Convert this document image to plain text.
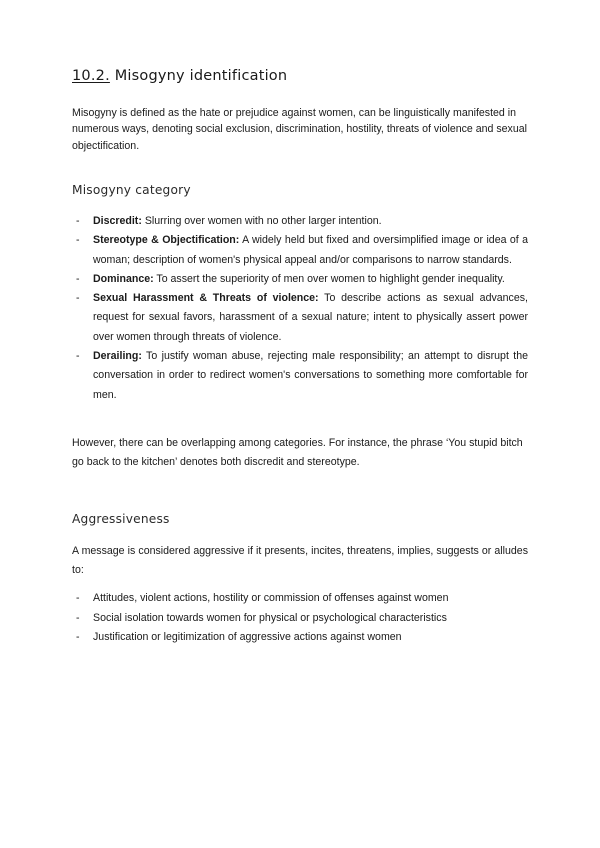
10.2. Misogyny identification

Misogyny is defined as the hate or prejudice against women, can be linguistically manifested in numerous ways, denoting social exclusion, discrimination, hostility, threats of violence and sexual objectification.

Misogyny category
- Discredit: Slurring over women with no other larger intention.
- Stereotype & Objectification: A widely held but fixed and oversimplified image or idea of a woman; description of women's physical appeal and/or comparisons to narrow standards.
- Dominance: To assert the superiority of men over women to highlight gender inequality.
- Sexual Harassment & Threats of violence: To describe actions as sexual advances, request for sexual favors, harassment of a sexual nature; intent to physically assert power over women through threats of violence.
- Derailing: To justify woman abuse, rejecting male responsibility; an attempt to disrupt the conversation in order to redirect women's conversations to something more comfortable for men.

However, there can be overlapping among categories. For instance, the phrase ‘You stupid bitch go back to the kitchen’ denotes both discredit and stereotype.

Aggressiveness

A message is considered aggressive if it presents, incites, threatens, implies, suggests or alludes to:

- Attitudes, violent actions, hostility or commission of offenses against women
- Social isolation towards women for physical or psychological characteristics
- Justification or legitimization of aggressive actions against women
